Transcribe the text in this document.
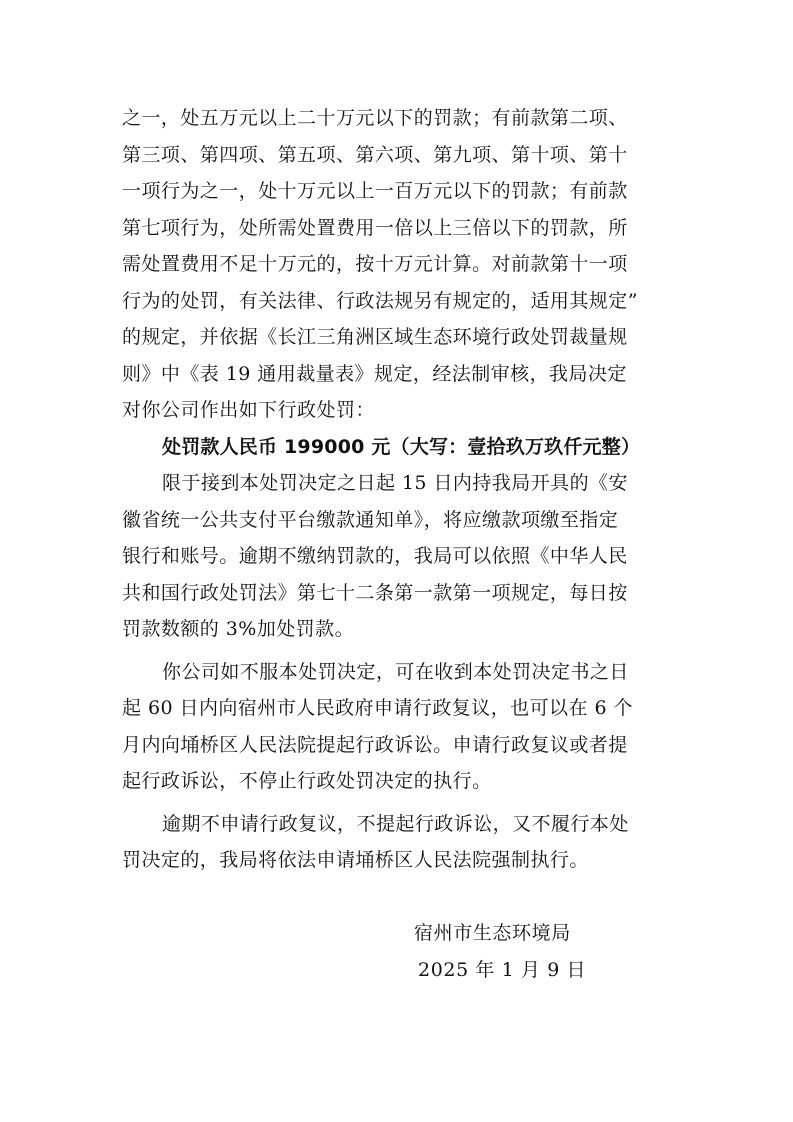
之一，处五万元以上二十万元以下的罚款；有前款第二项、
第三项、第四项、第五项、第六项、第九项、第十项、第十
一项行为之一，处十万元以上一百万元以下的罚款；有前款
第七项行为，处所需处置费用一倍以上三倍以下的罚款，所
需处置费用不足十万元的，按十万元计算。对前款第十一项
行为的处罚，有关法律、行政法规另有规定的，适用其规定”
的规定，并依据《长江三角洲区域生态环境行政处罚裁量规
则》中《表 19 通用裁量表》规定，经法制审核，我局决定
对你公司作出如下行政处罚：
处罚款人民币 199000 元（大写：壹拾玖万玖仟元整）
限于接到本处罚决定之日起 15 日内持我局开具的《安
徽省统一公共支付平台缴款通知单》，将应缴款项缴至指定
银行和账号。逾期不缴纳罚款的，我局可以依照《中华人民
共和国行政处罚法》第七十二条第一款第一项规定，每日按
罚款数额的 3%加处罚款。
你公司如不服本处罚决定，可在收到本处罚决定书之日
起 60 日内向宿州市人民政府申请行政复议，也可以在 6 个
月内向埇桥区人民法院提起行政诉讼。申请行政复议或者提
起行政诉讼，不停止行政处罚决定的执行。
逾期不申请行政复议，不提起行政诉讼，又不履行本处
罚决定的，我局将依法申请埇桥区人民法院强制执行。
宿州市生态环境局
2025 年 1 月 9 日
